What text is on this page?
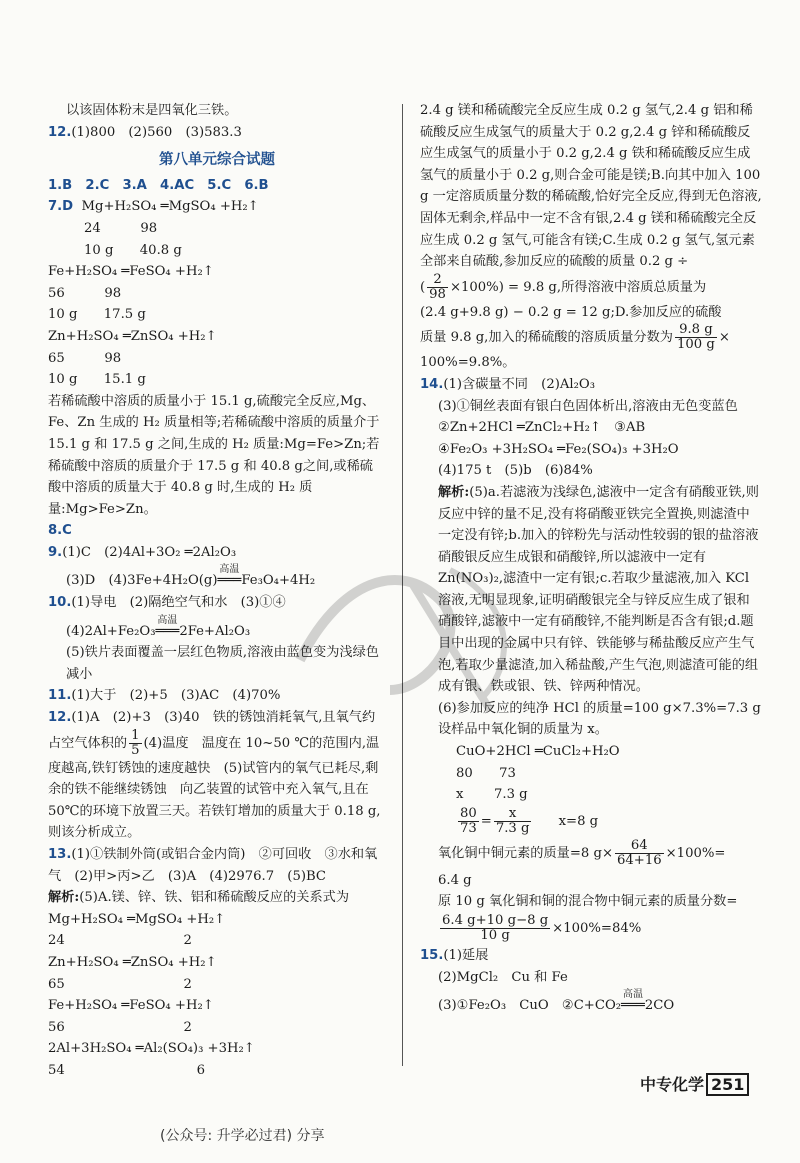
以该固体粉末是四氧化三铁。
12.(1)800　(2)560　(3)583.3
第八单元综合试题
1.B　2.C　3.A　4.AC　5.C　6.B
7.D Mg+H₂SO₄ ═MgSO₄ +H₂↑
24　　　98
10 g　　40.8 g
Fe+H₂SO₄ ═FeSO₄ +H₂↑
56　　　98
10 g　　17.5 g
Zn+H₂SO₄ ═ZnSO₄ +H₂↑
65　　　98
10 g　　15.1 g
若稀硫酸中溶质的质量小于 15.1 g,硫酸完全反应,Mg、Fe、Zn 生成的 H₂ 质量相等;若稀硫酸中溶质的质量介于 15.1 g 和 17.5 g 之间,生成的 H₂ 质量:Mg=Fe>Zn;若稀硫酸中溶质的质量介于 17.5 g 和 40.8 g之间,或稀硫酸中溶质的质量大于 40.8 g 时,生成的 H₂ 质量:Mg>Fe>Zn。
8.C
9.(1)C　(2)4Al+3O₂ ═2Al₂O₃
(3)D　(4)3Fe+4H₂O(g)
高温
═══Fe₃O₄+4H₂
10.(1)导电　(2)隔绝空气和水　(3)①④
(4)2Al+Fe₂O₃
高温
═══2Fe+Al₂O₃
(5)铁片表面覆盖一层红色物质,溶液由蓝色变为浅绿色　减小
11.(1)大于　(2)+5　(3)AC　(4)70%
12.(1)A　(2)+3　(3)40　铁的锈蚀消耗氧气,且氧气约占空气体积的 $\frac{1}{5} (4)$温度　温度在 10~50 ℃的范围内,温度越高,铁钉锈蚀的速度越快　(5)试管内的氧气已耗尽,剩余的铁不能继续锈蚀　向乙装置的试管中充入氧气,且在 50℃的环境下放置三天。若铁钉增加的质量大于 0.18 g,则该分析成立。
13.(1)①铁制外筒(或铝合金内筒)　②可回收　③水和氧气　(2)甲>丙>乙　(3)A　(4)2976.7　(5)BC
解析:(5)A.镁、锌、铁、铝和稀硫酸反应的关系式为
Mg+H₂SO₄ ═MgSO₄ +H₂↑
24　　　　　　　　　2
Zn+H₂SO₄ ═ZnSO₄ +H₂↑
65　　　　　　　　　2
Fe+H₂SO₄ ═FeSO₄ +H₂↑
56　　　　　　　　　2
2Al+3H₂SO₄ ═Al₂(SO₄)₃ +3H₂↑
54　　　　　　　　　　6
2.4 g 镁和稀硫酸完全反应生成 0.2 g 氢气,2.4 g 铝和稀硫酸反应生成氢气的质量大于 0.2 g,2.4 g 锌和稀硫酸反应生成氢气的质量小于 0.2 g,2.4 g 铁和稀硫酸反应生成氢气的质量小于 0.2 g,则合金可能是镁;B.向其中加入 100 g 一定溶质质量分数的稀硫酸,恰好完全反应,得到无色溶液,固体无剩余,样品中一定不含有银,2.4 g 镁和稀硫酸完全反应生成 0.2 g 氢气,可能含有镁;C.生成 0.2 g 氢气,氢元素全部来自硫酸,参加反应的硫酸的质量 0.2 g ÷
( $\frac{2}{98} \times 100\%) = 9.8$ g,所得溶液中溶质总质量为
(2.4 g+9.8 g) − 0.2 g = 12 g;D.参加反应的硫酸
质量 9.8 g,加入的稀硫酸的溶质质量分数为 $\frac{9.8 g}{100 g}$ ×
100%=9.8%。
14.(1)含碳量不同　(2)Al₂O₃
(3)①铜丝表面有银白色固体析出,溶液由无色变蓝色
②Zn+2HCl ═ZnCl₂+H₂↑　③AB
④Fe₂O₃ +3H₂SO₄ ═Fe₂(SO₄)₃ +3H₂O
(4)175 t　(5)b　(6)84%
解析:(5)a.若滤液为浅绿色,滤液中一定含有硝酸亚铁,则反应中锌的量不足,没有将硝酸亚铁完全置换,则滤渣中一定没有锌;b.加入的锌粉先与活动性较弱的银的盐溶液硝酸银反应生成银和硝酸锌,所以滤液中一定有 Zn(NO₃)₂,滤渣中一定有银;c.若取少量滤液,加入 KCl 溶液,无明显现象,证明硝酸银完全与锌反应生成了银和硝酸锌,滤液中一定有硝酸锌,不能判断是否含有银;d.题目中出现的金属中只有锌、铁能够与稀盐酸反应产生气泡,若取少量滤渣,加入稀盐酸,产生气泡,则滤渣可能的组成有银、铁或银、铁、锌两种情况。
(6)参加反应的纯净 HCl 的质量=100 g×7.3%=7.3 g
设样品中氧化铜的质量为 x。
CuO+2HCl ═CuCl₂+H₂O
80　　73
x　　 7.3 g
$\frac{80}{73} = \frac{x}{7.3 g} x=8$ g
氧化铜中铜元素的质量=8 $g\times \frac{64}{64+16} \times 100\%=$
6.4 g
原 10 g 氧化铜和铜的混合物中铜元素的质量分数=
$\frac{6.4 g+10 g-8 g}{10 g} \times 100\%=84\%$
15.(1)延展
(2)MgCl₂　Cu 和 Fe
(3)①Fe₂O₃　CuO　②C+CO₂
高温
═══2CO
中专化学 251
(公众号: 升学必过君) 分享
